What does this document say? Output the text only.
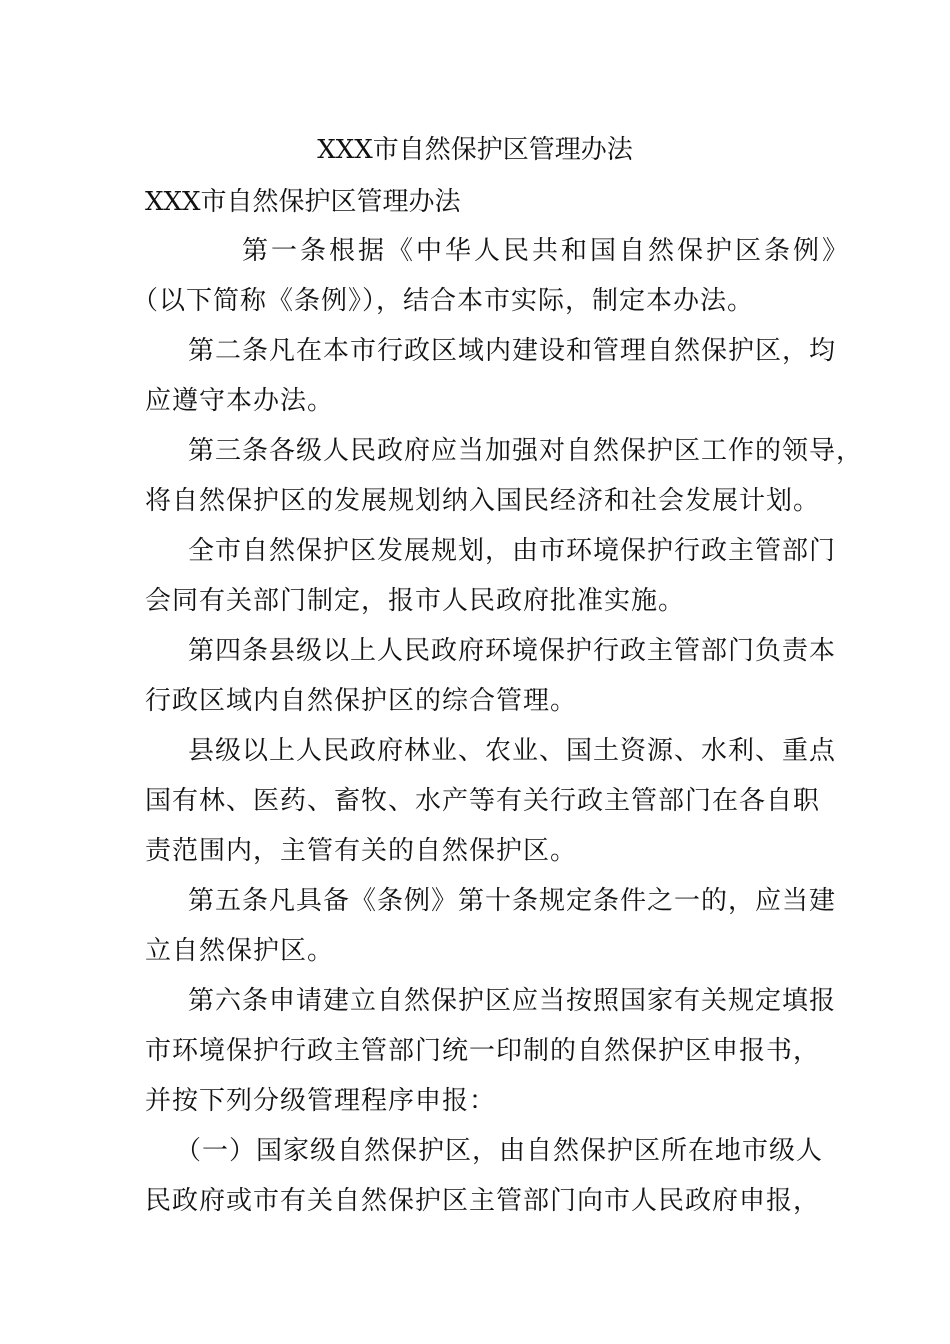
XXX市自然保护区管理办法
XXX市自然保护区管理办法
第一条根据《中华人民共和国自然保护区条例》
（以下简称《条例》），结合本市实际，制定本办法。
第二条凡在本市行政区域内建设和管理自然保护区，均
应遵守本办法。
第三条各级人民政府应当加强对自然保护区工作的领导，
将自然保护区的发展规划纳入国民经济和社会发展计划。
全市自然保护区发展规划，由市环境保护行政主管部门
会同有关部门制定，报市人民政府批准实施。
第四条县级以上人民政府环境保护行政主管部门负责本
行政区域内自然保护区的综合管理。
县级以上人民政府林业、农业、国土资源、水利、重点
国有林、医药、畜牧、水产等有关行政主管部门在各自职
责范围内，主管有关的自然保护区。
第五条凡具备《条例》第十条规定条件之一的，应当建
立自然保护区。
第六条申请建立自然保护区应当按照国家有关规定填报
市环境保护行政主管部门统一印制的自然保护区申报书，
并按下列分级管理程序申报：
（一）国家级自然保护区，由自然保护区所在地市级人
民政府或市有关自然保护区主管部门向市人民政府申报，
